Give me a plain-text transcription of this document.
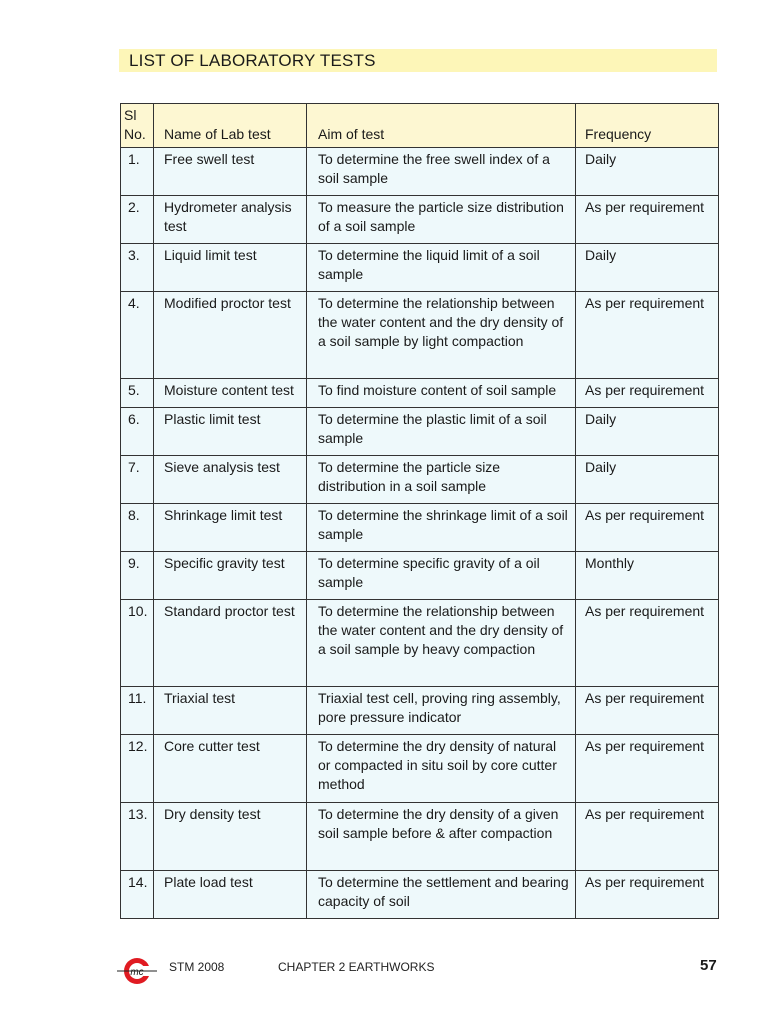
LIST OF LABORATORY TESTS
Sl No.	Name of Lab test	Aim of test	Frequency
1.	Free swell test	To determine the free swell index of a soil sample	Daily
2.	Hydrometer analysis test	To measure the particle size distribution of a soil sample	As per requirement
3.	Liquid limit test	To determine the liquid limit of a soil sample	Daily
4.	Modified proctor test	To determine the relationship between the water content and the dry density of a soil sample by light compaction	As per requirement
5.	Moisture content test	To find moisture content of soil sample	As per requirement
6.	Plastic limit test	To determine the plastic limit of a soil sample	Daily
7.	Sieve analysis test	To determine the particle size distribution in a soil sample	Daily
8.	Shrinkage limit test	To determine the shrinkage limit of a soil sample	As per requirement
9.	Specific gravity test	To determine specific gravity of a oil sample	Monthly
10.	Standard proctor test	To determine the relationship between the water content and the dry density of a soil sample by heavy compaction	As per requirement
11.	Triaxial test	Triaxial test cell, proving ring assembly, pore pressure indicator	As per requirement
12.	Core cutter test	To determine the dry density of natural or compacted in situ soil by core cutter method	As per requirement
13.	Dry density test	To determine the dry density of a given soil sample before & after compaction	As per requirement
14.	Plate load test	To determine the settlement and bearing capacity of soil	As per requirement
mc STM 2008	CHAPTER 2 EARTHWORKS	57
